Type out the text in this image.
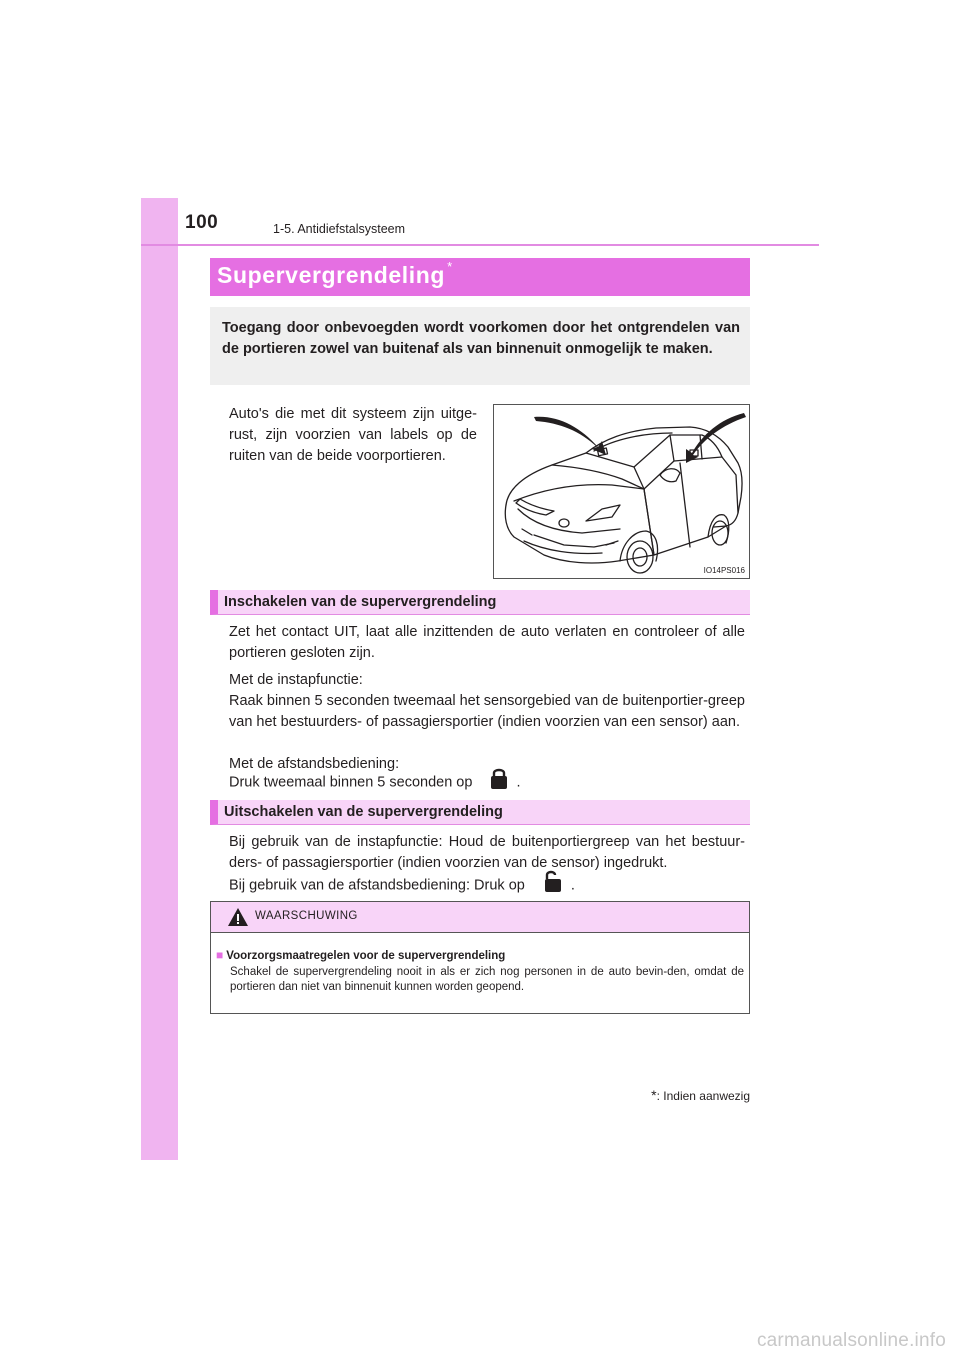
100	1-5. Antidiefstalsysteem
Supervergrendeling *

Toegang door onbevoegden wordt voorkomen door het ontgrendelen van de portieren zowel van buitenaf als van binnenuit onmogelijk te maken.

Auto's die met dit systeem zijn uitge-rust, zijn voorzien van labels op de ruiten van de beide voorportieren.

IO14PS016
Inschakelen van de supervergrendeling

Zet het contact UIT, laat alle inzittenden de auto verlaten en controleer of alle portieren gesloten zijn.

Met de instapfunctie:

Raak binnen 5 seconden tweemaal het sensorgebied van de buitenportier-greep van het bestuurders- of passagiersportier (indien voorzien van een sensor) aan.

Met de afstandsbediening:

Druk tweemaal binnen 5 seconden op	.

Uitschakelen van de supervergrendeling

Bij gebruik van de instapfunctie: Houd de buitenportiergreep van het bestuur-ders- of passagiersportier (indien voorzien van de sensor) ingedrukt.

Bij gebruik van de afstandsbediening: Druk op	.

WAARSCHUWING
■ Voorzorgsmaatregelen voor de supervergrendeling

Schakel de supervergrendeling nooit in als er zich nog personen in de auto bevin-den, omdat de portieren dan niet van binnenuit kunnen worden geopend.

*: Indien aanwezig
carmanualsonline.info
